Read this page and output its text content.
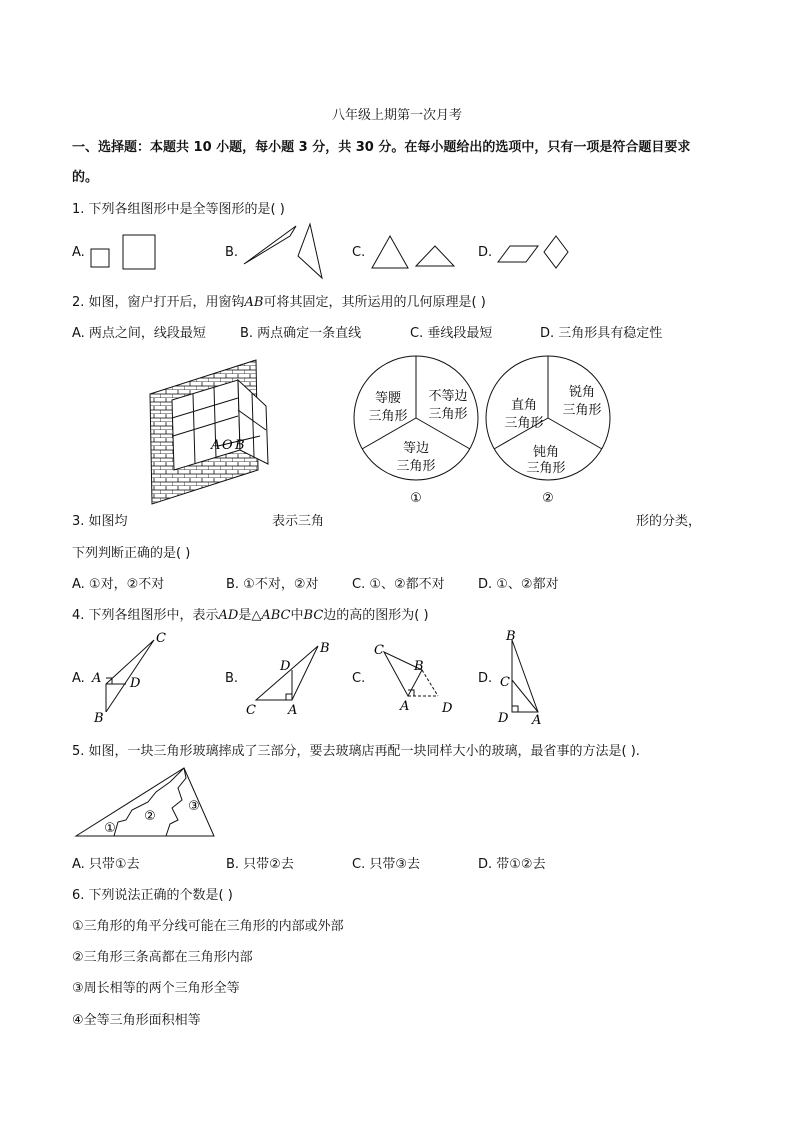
八年级上期第一次月考
一、选择题：本题共 10 小题，每小题 3 分，共 30 分。在每小题给出的选项中，只有一项是符合题目要求
的。
1. 下列各组图形中是全等图形的是( )
A.	B.	C.	D.
2. 如图，窗户打开后，用窗钩AB可将其固定，其所运用的几何原理是( )
A. 两点之间，线段最短	B. 两点确定一条直线	C. 垂线段最短	D. 三角形具有稳定性
A O B
等腰
三角形
不等边
三角形
等边
三角形
①
直角
三角形
锐角
三角形
钝角
三角形
②
3. 如图均	表示三角	形的分类，
下列判断正确的是( )
A. ①对，②不对	B. ①不对，②对	C. ①、②都不对	D. ①、②都对
4. 下列各组图形中，表示AD是△ABC中BC边的高的图形为( )
A.	B.	C.	D.
C
A D
B
B
D
C A
C
B
A	D
B
C
D A
5. 如图，一块三角形玻璃摔成了三部分，要去玻璃店再配一块同样大小的玻璃，最省事的方法是( ).
①
②
③
A. 只带①去	B. 只带②去	C. 只带③去	D. 带①②去
6. 下列说法正确的个数是( )
①三角形的角平分线可能在三角形的内部或外部
②三角形三条高都在三角形内部
③周长相等的两个三角形全等
④全等三角形面积相等
